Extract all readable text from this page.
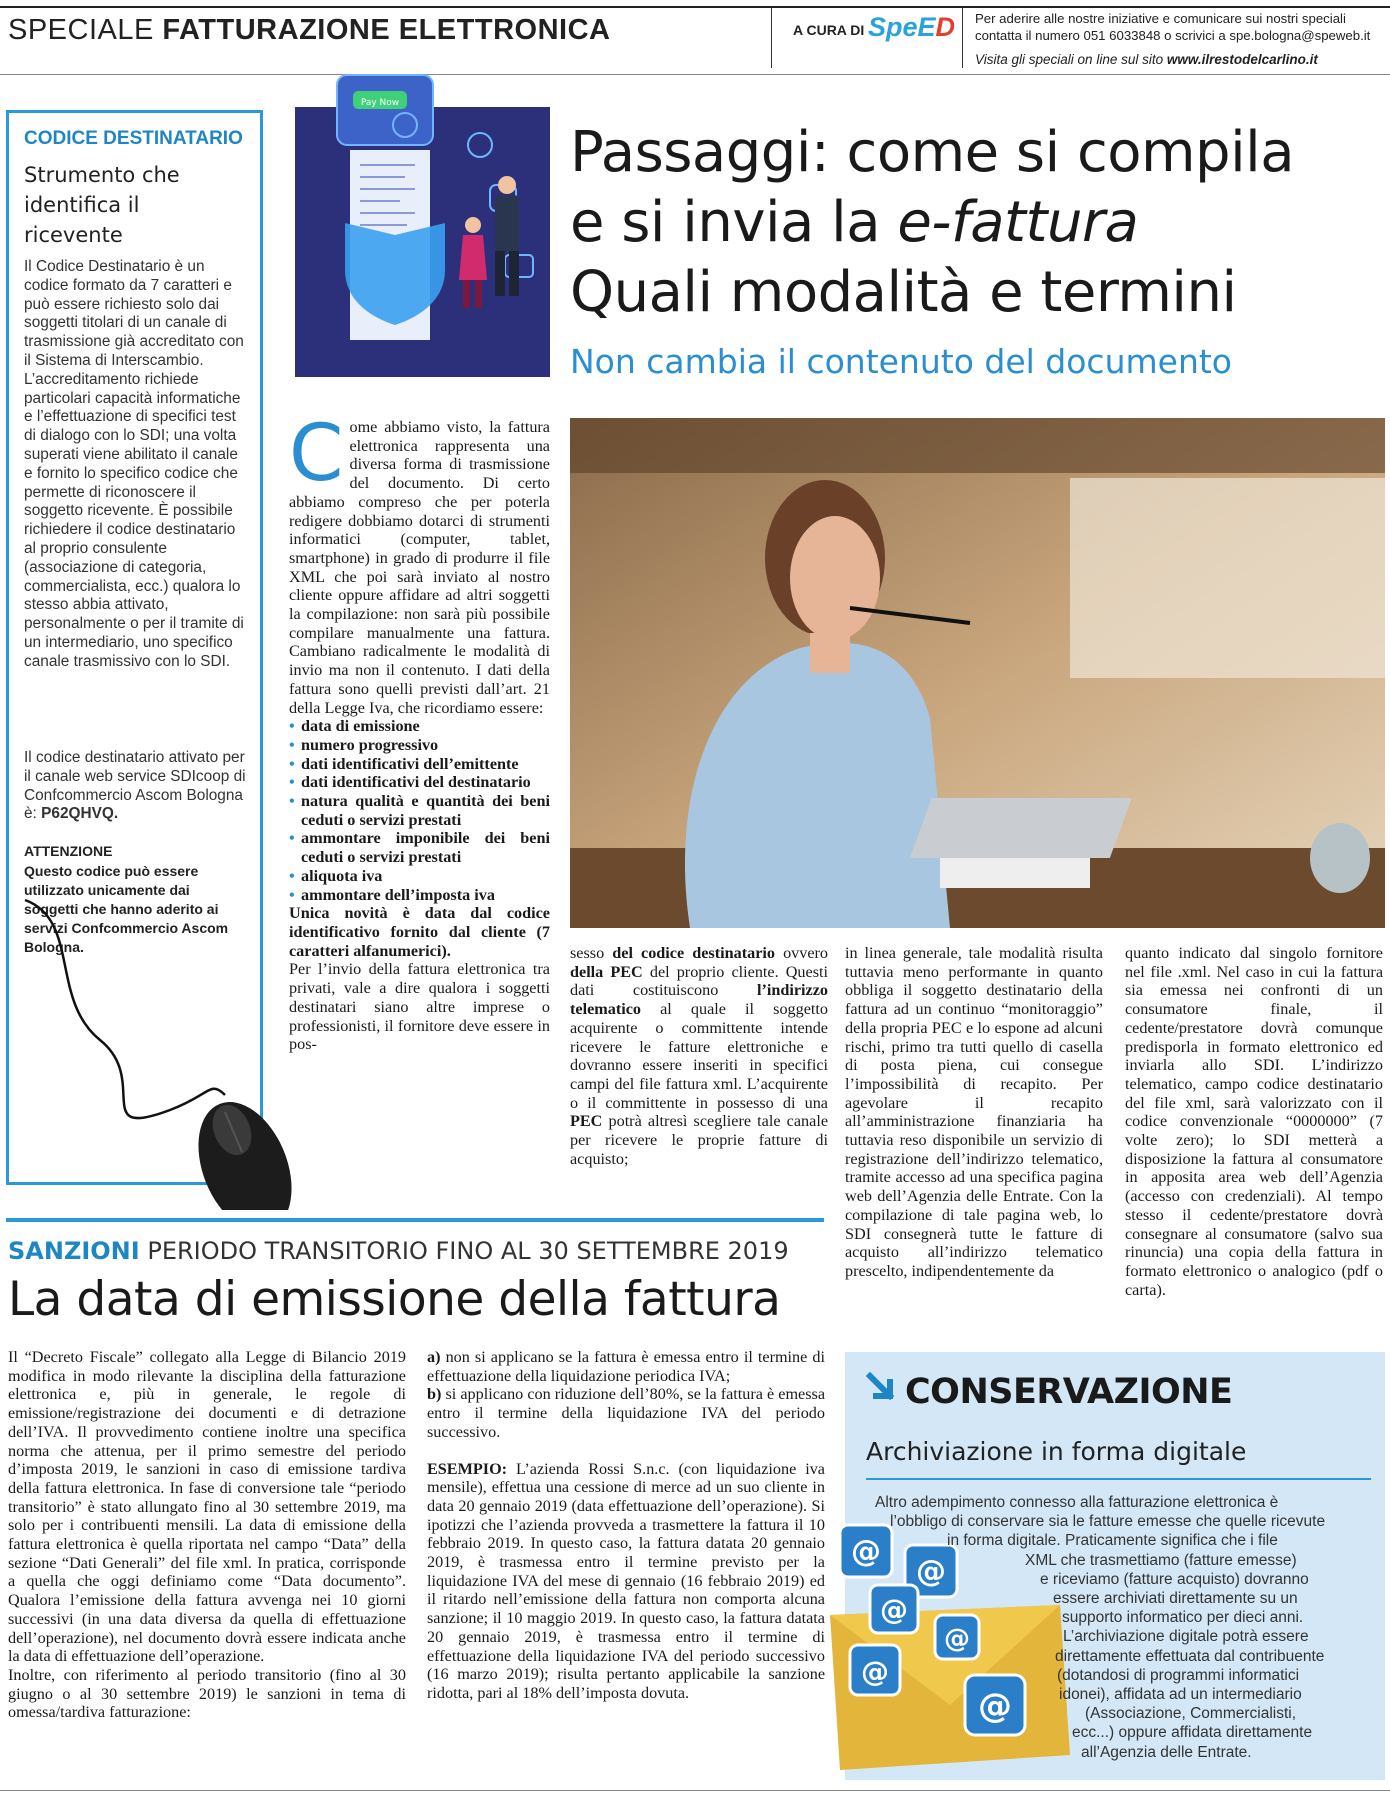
SPECIALE FATTURAZIONE ELETTRONICA	A CURA DI SpeED Per aderire alle nostre iniziative e comunicare sui nostri speciali contatta il numero 051 6033848 o scrivici a spe.bologna@speweb.it
Visita gli speciali on line sul sito www.ilrestodelcarlino.it
CODICE DESTINATARIO
Strumento che identifica il ricevente
Il Codice Destinatario è un codice formato da 7 caratteri e può essere richiesto solo dai soggetti titolari di un canale di trasmissione già accreditato con il Sistema di Interscambio. L’accreditamento richiede particolari capacità informatiche e l’effettuazione di specifici test di dialogo con lo SDI; una volta superati viene abilitato il canale e fornito lo specifico codice che permette di riconoscere il soggetto ricevente. È possibile richiedere il codice destinatario al proprio consulente (associazione di categoria, commercialista, ecc.) qualora lo stesso abbia attivato, personalmente o per il tramite di un intermediario, uno specifico canale trasmissivo con lo SDI.
Il codice destinatario attivato per il canale web service SDIcoop di Confcommercio Ascom Bologna è: P62QHVQ.
ATTENZIONE
Questo codice può essere utilizzato unicamente dai soggetti che hanno aderito ai servizi Confcommercio Ascom Bologna.
Pay Now
Passaggi: come si compila
e si invia la e-fattura
Quali modalità e termini
Non cambia il contenuto del documento
Come abbiamo visto, la fattura elettronica rappresenta una diversa forma di trasmissione del documento. Di certo abbiamo compreso che per poterla redigere dobbiamo dotarci di strumenti informatici (computer, tablet, smartphone) in grado di produrre il file XML che poi sarà inviato al nostro cliente oppure affidare ad altri soggetti la compilazione: non sarà più possibile compilare manualmente una fattura. Cambiano radicalmente le modalità di invio ma non il contenuto. I dati della fattura sono quelli previsti dall’art. 21 della Legge Iva, che ricordiamo essere:
• data di emissione
• numero progressivo
• dati identificativi dell’emittente
• dati identificativi del destinatario
• natura qualità e quantità dei beni ceduti o servizi prestati
• ammontare imponibile dei beni ceduti o servizi prestati
• aliquota iva
• ammontare dell’imposta iva
Unica novità è data dal codice identificativo fornito dal cliente (7 caratteri alfanumerici).
Per l’invio della fattura elettronica tra privati, vale a dire qualora i soggetti destinatari siano altre imprese o professionisti, il fornitore deve essere in pos-
sesso del codice destinatario ovvero della PEC del proprio cliente. Questi dati costituiscono l’indirizzo telematico al quale il soggetto acquirente o committente intende ricevere le fatture elettroniche e dovranno essere inseriti in specifici campi del file fattura xml. L’acquirente o il committente in possesso di una PEC potrà altresì scegliere tale canale per ricevere le proprie fatture di acquisto;
in linea generale, tale modalità risulta tuttavia meno performante in quanto obbliga il soggetto destinatario della fattura ad un continuo “monitoraggio” della propria PEC e lo espone ad alcuni rischi, primo tra tutti quello di casella di posta piena, cui consegue l’impossibilità di recapito. Per agevolare il recapito all’amministrazione finanziaria ha tuttavia reso disponibile un servizio di registrazione dell’indirizzo telematico, tramite accesso ad una specifica pagina web dell’Agenzia delle Entrate. Con la compilazione di tale pagina web, lo SDI consegnerà tutte le fatture di acquisto all’indirizzo telematico prescelto, indipendentemente da
quanto indicato dal singolo fornitore nel file .xml. Nel caso in cui la fattura sia emessa nei confronti di un consumatore finale, il cedente/prestatore dovrà comunque predisporla in formato elettronico ed inviarla allo SDI. L’indirizzo telematico, campo codice destinatario del file xml, sarà valorizzato con il codice convenzionale “0000000” (7 volte zero); lo SDI metterà a disposizione la fattura al consumatore in apposita area web dell’Agenzia (accesso con credenziali). Al tempo stesso il cedente/prestatore dovrà consegnare al consumatore (salvo sua rinuncia) una copia della fattura in formato elettronico o analogico (pdf o carta).
SANZIONI PERIODO TRANSITORIO FINO AL 30 SETTEMBRE 2019
La data di emissione della fattura
Il “Decreto Fiscale” collegato alla Legge di Bilancio 2019 modifica in modo rilevante la disciplina della fatturazione elettronica e, più in generale, le regole di emissione/registrazione dei documenti e di detrazione dell’IVA. Il provvedimento contiene inoltre una specifica norma che attenua, per il primo semestre del periodo d’imposta 2019, le sanzioni in caso di emissione tardiva della fattura elettronica. In fase di conversione tale “periodo transitorio” è stato allungato fino al 30 settembre 2019, ma solo per i contribuenti mensili. La data di emissione della fattura elettronica è quella riportata nel campo “Data” della sezione “Dati Generali” del file xml. In pratica, corrisponde a quella che oggi definiamo come “Data documento”. Qualora l’emissione della fattura avvenga nei 10 giorni successivi (in una data diversa da quella di effettuazione dell’operazione), nel documento dovrà essere indicata anche la data di effettuazione dell’operazione.
Inoltre, con riferimento al periodo transitorio (fino al 30 giugno o al 30 settembre 2019) le sanzioni in tema di omessa/tardiva fatturazione:
a) non si applicano se la fattura è emessa entro il termine di effettuazione della liquidazione periodica IVA;
b) si applicano con riduzione dell’80%, se la fattura è emessa entro il termine della liquidazione IVA del periodo successivo.
ESEMPIO: L’azienda Rossi S.n.c. (con liquidazione iva mensile), effettua una cessione di merce ad un suo cliente in data 20 gennaio 2019 (data effettuazione dell’operazione). Si ipotizzi che l’azienda provveda a trasmettere la fattura il 10 febbraio 2019. In questo caso, la fattura datata 20 gennaio 2019, è trasmessa entro il termine previsto per la liquidazione IVA del mese di gennaio (16 febbraio 2019) ed il ritardo nell’emissione della fattura non comporta alcuna sanzione; il 10 maggio 2019. In questo caso, la fattura datata 20 gennaio 2019, è trasmessa entro il termine di effettuazione della liquidazione IVA del periodo successivo (16 marzo 2019); risulta pertanto applicabile la sanzione ridotta, pari al 18% dell’imposta dovuta.
CONSERVAZIONE
Archiviazione in forma digitale
@
@
@
@
@
@
Altro adempimento connesso alla fatturazione elettronica è
l’obbligo di conservare sia le fatture emesse che quelle ricevute
in forma digitale. Praticamente significa che i file
XML che trasmettiamo (fatture emesse)
e riceviamo (fatture acquisto) dovranno
essere archiviati direttamente su un
supporto informatico per dieci anni.
L’archiviazione digitale potrà essere
direttamente effettuata dal contribuente
(dotandosi di programmi informatici
idonei), affidata ad un intermediario
(Associazione, Commercialisti,
ecc...) oppure affidata direttamente
all’Agenzia delle Entrate.
